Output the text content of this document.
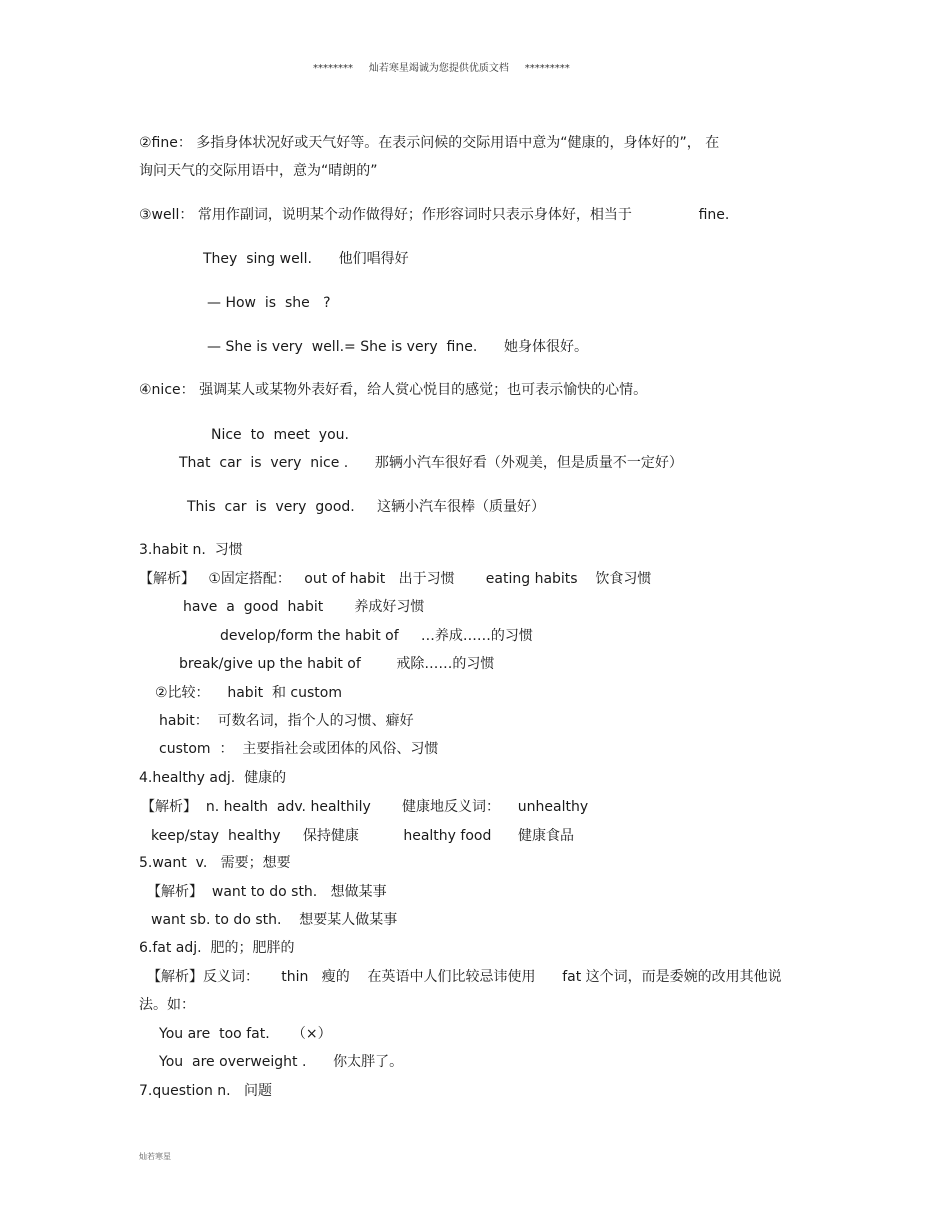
********     灿若寒星竭诚为您提供优质文档     *********
②fine： 多指身体状况好或天气好等。在表示问候的交际用语中意为“健康的，身体好的”， 在
询问天气的交际用语中，意为“晴朗的”
③well： 常用作副词，说明某个动作做得好；作形容词时只表示身体好，相当于               fine.
They  sing well.      他们唱得好
— How  is  she   ?
— She is very  well.= She is very  fine.      她身体很好。
④nice： 强调某人或某物外表好看，给人赏心悦目的感觉；也可表示愉快的心情。
Nice  to  meet  you.
That  car  is  very  nice .      那辆小汽车很好看（外观美，但是质量不一定好）
This  car  is  very  good.     这辆小汽车很棒（质量好）
3.habit n.  习惯
【解析】   ①固定搭配：   out of habit   出于习惯       eating habits    饮食习惯
have  a  good  habit       养成好习惯
develop/form the habit of     …养成……的习惯
break/give up the habit of        戒除……的习惯
②比较：    habit  和 custom
habit：  可数名词，指个人的习惯、癖好
custom  ：  主要指社会或团体的风俗、习惯
4.healthy adj.  健康的
【解析】  n. health  adv. healthily       健康地反义词：    unhealthy
keep/stay  healthy     保持健康          healthy food      健康食品
5.want  v.   需要；想要
【解析】  want to do sth.   想做某事
want sb. to do sth.    想要某人做某事
6.fat adj.  肥的；肥胖的
【解析】反义词：     thin   瘦的    在英语中人们比较忌讳使用      fat 这个词，而是委婉的改用其他说
法。如：
You are  too fat.     （×）
You  are overweight .      你太胖了。
7.question n.   问题
灿若寒星
